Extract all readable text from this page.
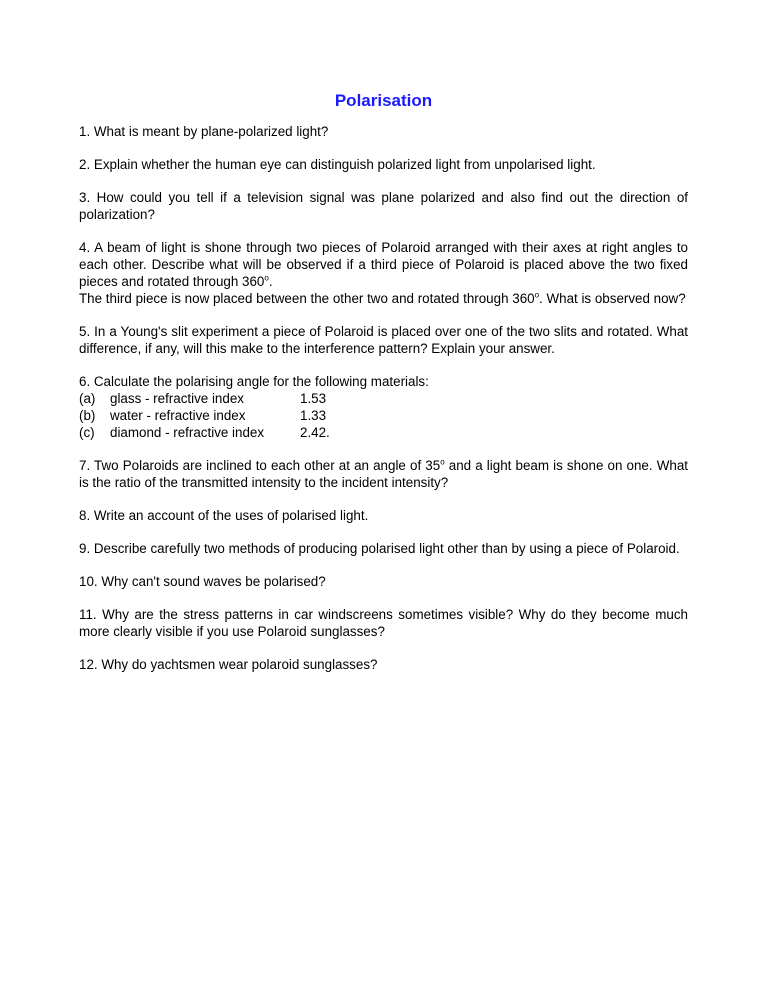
Polarisation

1. What is meant by plane-polarized light?

2. Explain whether the human eye can distinguish polarized light from unpolarised light.

3. How could you tell if a television signal was plane polarized and also find out the direction of polarization?

4. A beam of light is shone through two pieces of Polaroid arranged with their axes at right angles to each other. Describe what will be observed if a third piece of Polaroid is placed above the two fixed pieces and rotated through 360$^o$.
The third piece is now placed between the other two and rotated through 360$^o$. What is observed now?

5. In a Young's slit experiment a piece of Polaroid is placed over one of the two slits and rotated. What difference, if any, will this make to the interference pattern? Explain your answer.

6. Calculate the polarising angle for the following materials:

(a)	glass - refractive index	1.53
(b)	water - refractive index	1.33
(c)	diamond - refractive index	2.42.

7. Two Polaroids are inclined to each other at an angle of 35$^o$ and a light beam is shone on one. What is the ratio of the transmitted intensity to the incident intensity?

8. Write an account of the uses of polarised light.

9. Describe carefully two methods of producing polarised light other than by using a piece of Polaroid.

10. Why can't sound waves be polarised?

11. Why are the stress patterns in car windscreens sometimes visible? Why do they become much more clearly visible if you use Polaroid sunglasses?

12. Why do yachtsmen wear polaroid sunglasses?
